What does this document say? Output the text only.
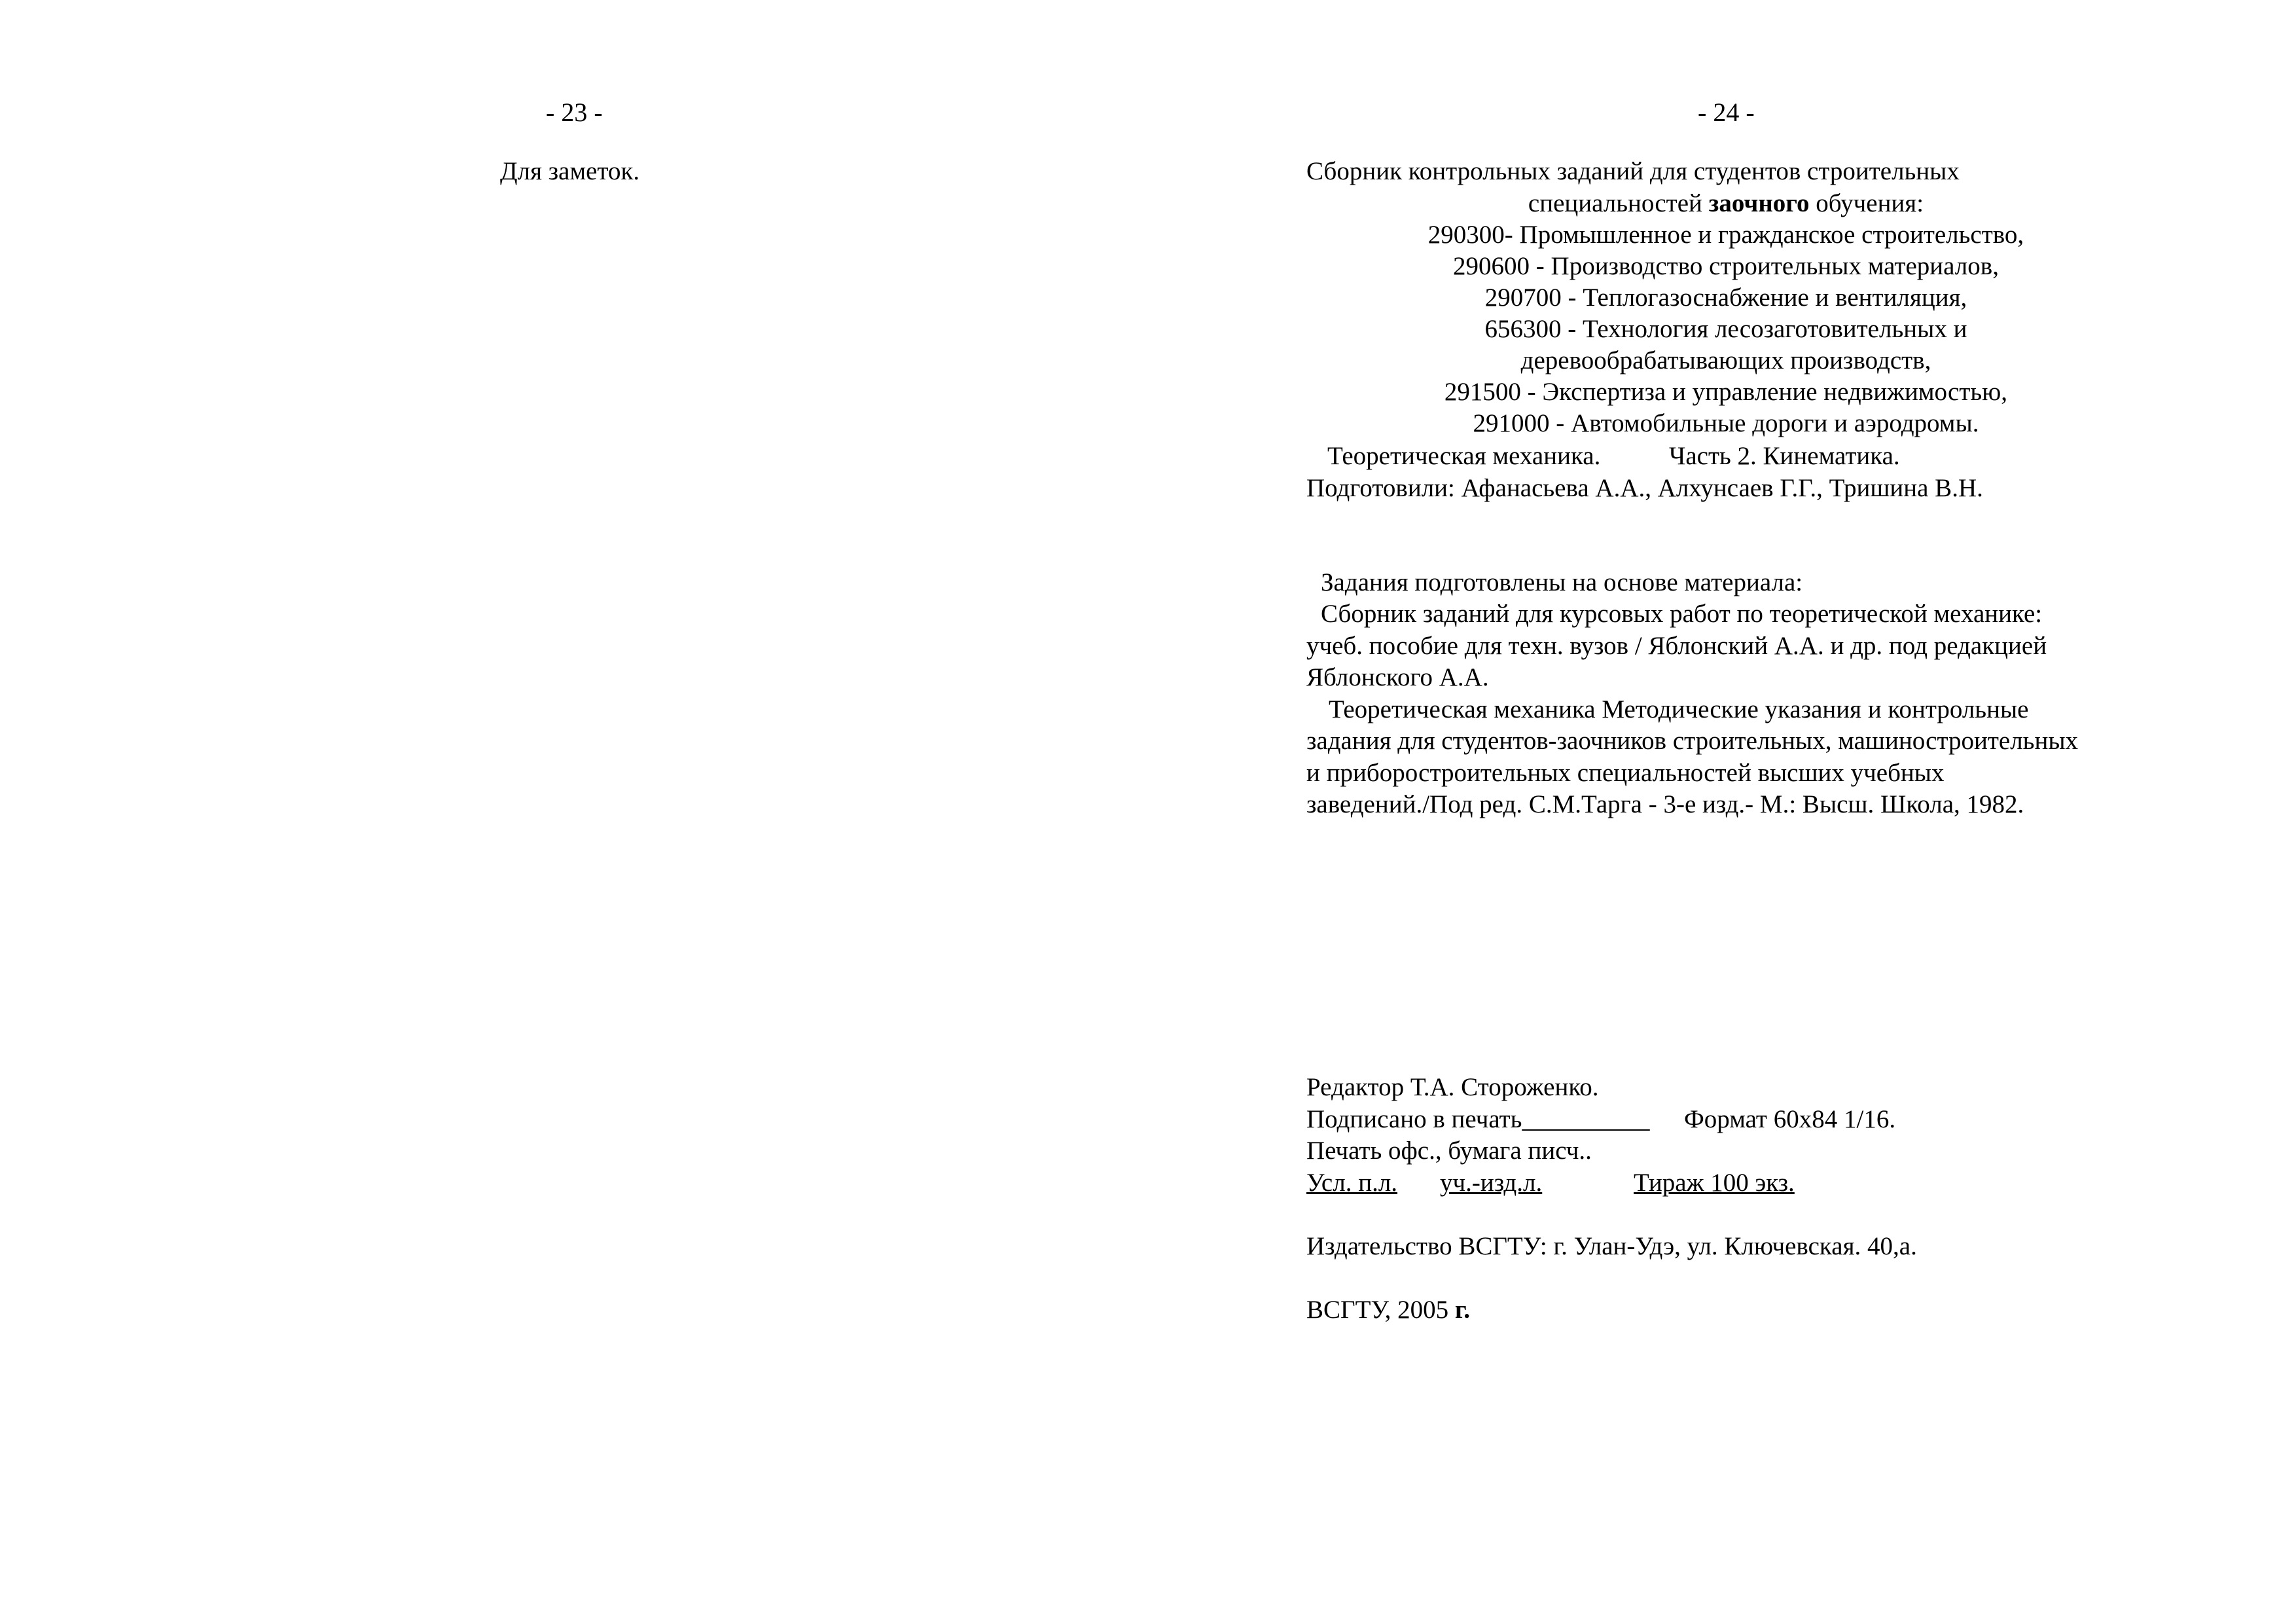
- 23 -
Для заметок.
- 24 -
Сборник контрольных заданий для студентов строительных
специальностей заочного обучения:
290300- Промышленное и гражданское строительство,
290600 - Производство строительных материалов,
290700 - Теплогазоснабжение и вентиляция,
656300 - Технология лесозаготовительных и
деревообрабатывающих производств,
291500 - Экспертиза и управление недвижимостью,
291000 - Автомобильные дороги и аэродромы.
Теоретическая механика.	Часть 2. Кинематика.
Подготовили: Афанасьева А.А., Алхунсаев Г.Г., Тришина В.Н.
Задания подготовлены на основе материала:
Сборник заданий для курсовых работ по теоретической механике:
учеб. пособие для техн. вузов / Яблонский А.А. и др. под редакцией
Яблонского А.А.
Теоретическая механика Методические указания и контрольные
задания для студентов-заочников строительных, машиностроительных
и приборостроительных специальностей высших учебных
заведений./Под ред. С.М.Тарга - 3-е изд.- М.: Высш. Школа, 1982.
Редактор Т.А. Стороженко.
Подписано в печать__________ Формат 60х84 1/16.
Печать офс., бумага писч..
Усл. п.л.	уч.-изд.л.	Тираж 100 экз.
Издательство ВСГТУ: г. Улан-Удэ, ул. Ключевская. 40,а.
ВСГТУ, 2005 г.
